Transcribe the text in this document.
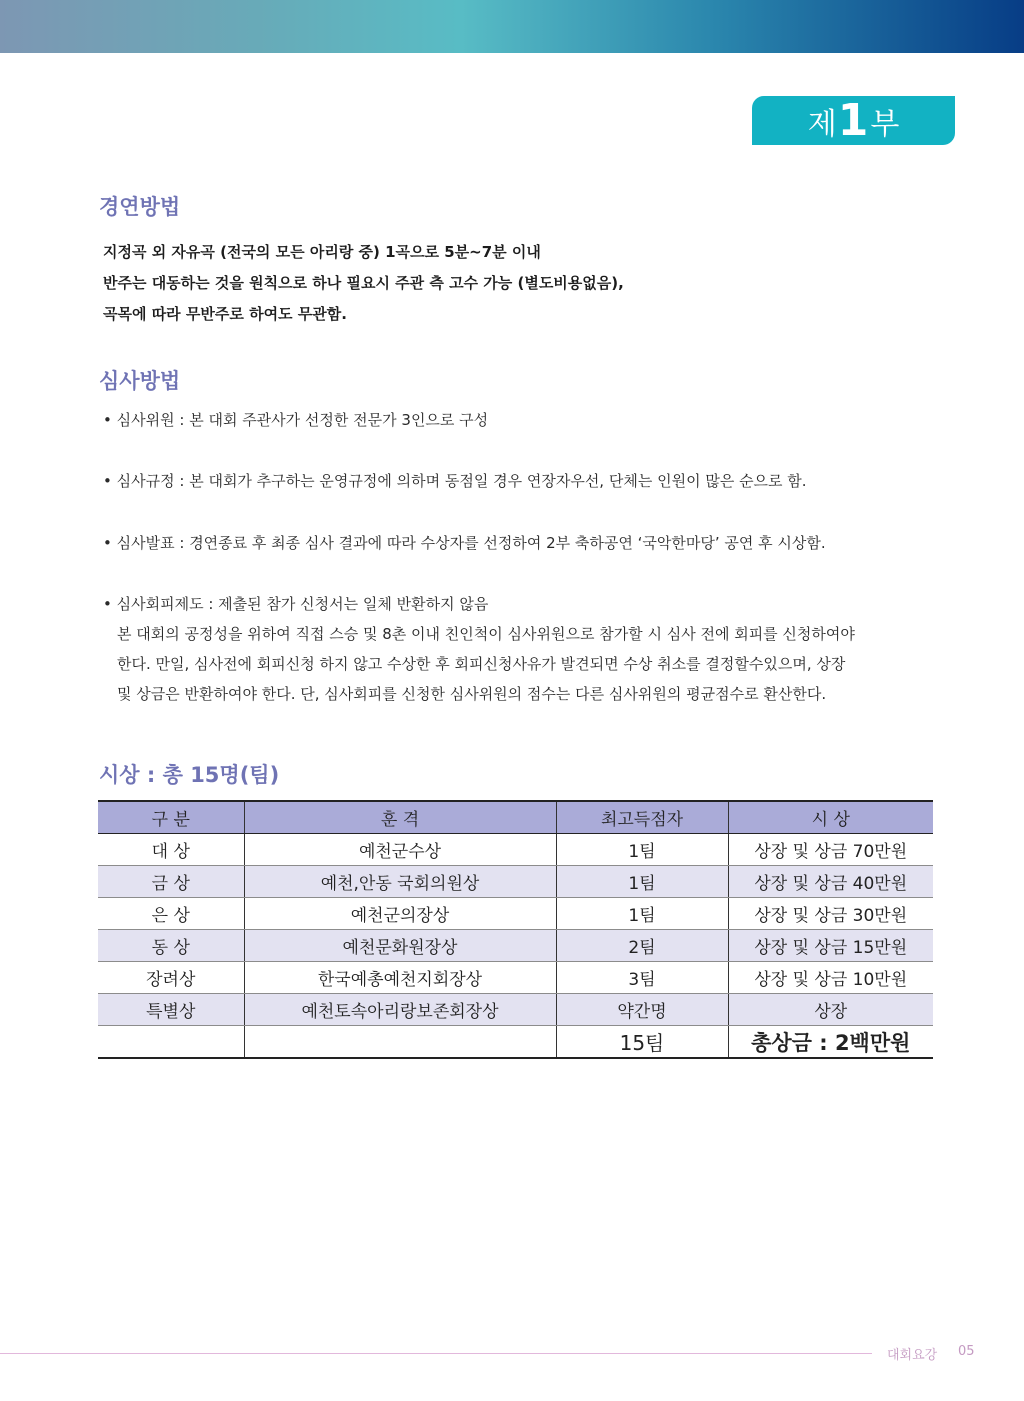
제 1 부
경연방법
지정곡 외 자유곡 (전국의 모든 아리랑 중) 1곡으로 5분~7분 이내
반주는 대동하는 것을 원칙으로 하나 필요시 주관 측 고수 가능 (별도비용없음),
곡목에 따라 무반주로 하여도 무관함.
심사방법
• 심사위원 : 본 대회 주관사가 선정한 전문가 3인으로 구성
• 심사규정 : 본 대회가 추구하는 운영규정에 의하며 동점일 경우 연장자우선, 단체는 인원이 많은 순으로 함.
• 심사발표 : 경연종료 후 최종 심사 결과에 따라 수상자를 선정하여 2부 축하공연 ‘국악한마당’ 공연 후 시상함.
• 심사회피제도 : 제출된 참가 신청서는 일체 반환하지 않음
본 대회의 공정성을 위하여 직접 스승 및 8촌 이내 친인척이 심사위원으로 참가할 시 심사 전에 회피를 신청하여야
한다. 만일, 심사전에 회피신청 하지 않고 수상한 후 회피신청사유가 발견되면 수상 취소를 결정할수있으며, 상장
및 상금은 반환하여야 한다. 단, 심사회피를 신청한 심사위원의 점수는 다른 심사위원의 평균점수로 환산한다.
시상 : 총 15명(팀)
구 분	훈 격	최고득점자	시 상
대 상	예천군수상	1팀	상장 및 상금 70만원
금 상	예천,안동 국회의원상	1팀	상장 및 상금 40만원
은 상	예천군의장상	1팀	상장 및 상금 30만원
동 상	예천문화원장상	2팀	상장 및 상금 15만원
장려상	한국예총예천지회장상	3팀	상장 및 상금 10만원
특별상	예천토속아리랑보존회장상	약간명	상장
		15팀	총상금 : 2백만원
대회요강 05
